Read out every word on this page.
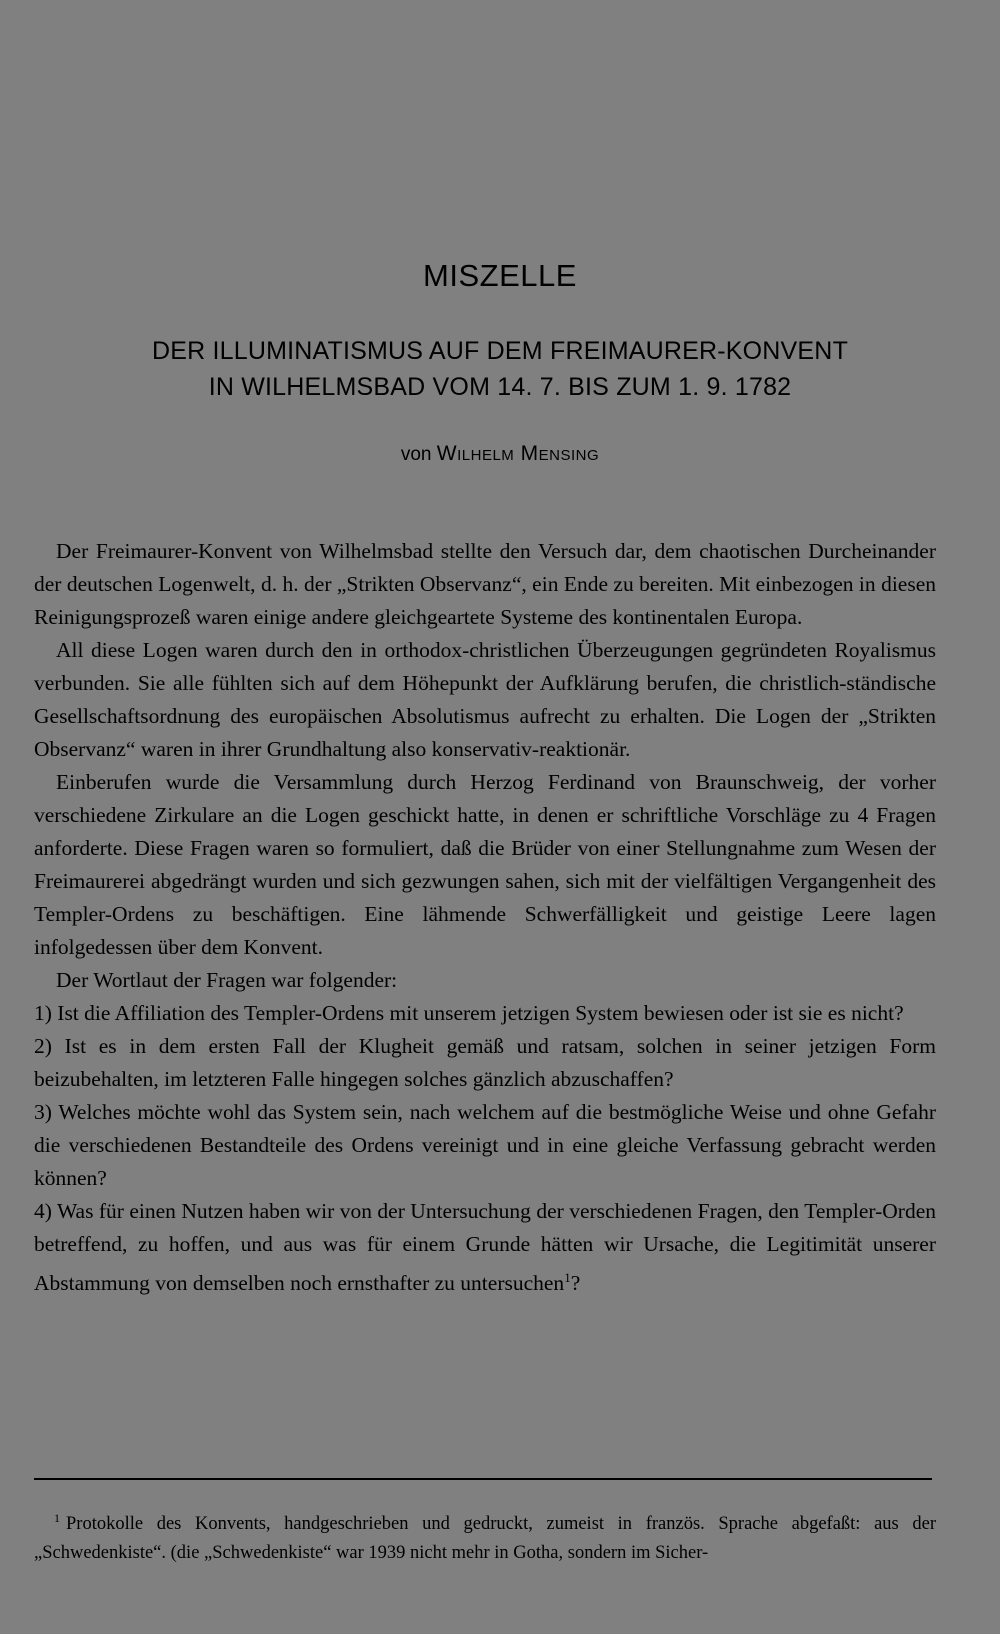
MISZELLE
DER ILLUMINATISMUS AUF DEM FREIMAURER-KONVENT
IN WILHELMSBAD VOM 14. 7. BIS ZUM 1. 9. 1782
von Wilhelm Mensing

Der Freimaurer-Konvent von Wilhelmsbad stellte den Versuch dar, dem chaotischen Durcheinander der deutschen Logenwelt, d. h. der „Strikten Observanz“, ein Ende zu bereiten. Mit einbezogen in diesen Reinigungsprozeß waren einige andere gleichgeartete Systeme des kontinentalen Europa.

All diese Logen waren durch den in orthodox-christlichen Überzeugungen gegründeten Royalismus verbunden. Sie alle fühlten sich auf dem Höhepunkt der Aufklärung berufen, die christlich-ständische Gesellschaftsordnung des europäischen Absolutismus aufrecht zu erhalten. Die Logen der „Strikten Observanz“ waren in ihrer Grundhaltung also konservativ-reaktionär.

Einberufen wurde die Versammlung durch Herzog Ferdinand von Braunschweig, der vorher verschiedene Zirkulare an die Logen geschickt hatte, in denen er schriftliche Vorschläge zu 4 Fragen anforderte. Diese Fragen waren so formuliert, daß die Brüder von einer Stellungnahme zum Wesen der Freimaurerei abgedrängt wurden und sich gezwungen sahen, sich mit der vielfältigen Vergangenheit des Templer-Ordens zu beschäftigen. Eine lähmende Schwerfälligkeit und geistige Leere lagen infolgedessen über dem Konvent.

Der Wortlaut der Fragen war folgender:

1) Ist die Affiliation des Templer-Ordens mit unserem jetzigen System bewiesen oder ist sie es nicht?

2) Ist es in dem ersten Fall der Klugheit gemäß und ratsam, solchen in seiner jetzigen Form beizubehalten, im letzteren Falle hingegen solches gänzlich abzuschaffen?

3) Welches möchte wohl das System sein, nach welchem auf die bestmögliche Weise und ohne Gefahr die verschiedenen Bestandteile des Ordens vereinigt und in eine gleiche Verfassung gebracht werden können?

4) Was für einen Nutzen haben wir von der Untersuchung der verschiedenen Fragen, den Templer-Orden betreffend, zu hoffen, und aus was für einem Grunde hätten wir Ursache, die Legitimität unserer Abstammung von demselben noch ernsthafter zu untersuchen$^1$?

$^1$ Protokolle des Konvents, handgeschrieben und gedruckt, zumeist in französ. Sprache abgefaßt: aus der „Schwedenkiste“. (die „Schwedenkiste“ war 1939 nicht mehr in Gotha, sondern im Sicher-
